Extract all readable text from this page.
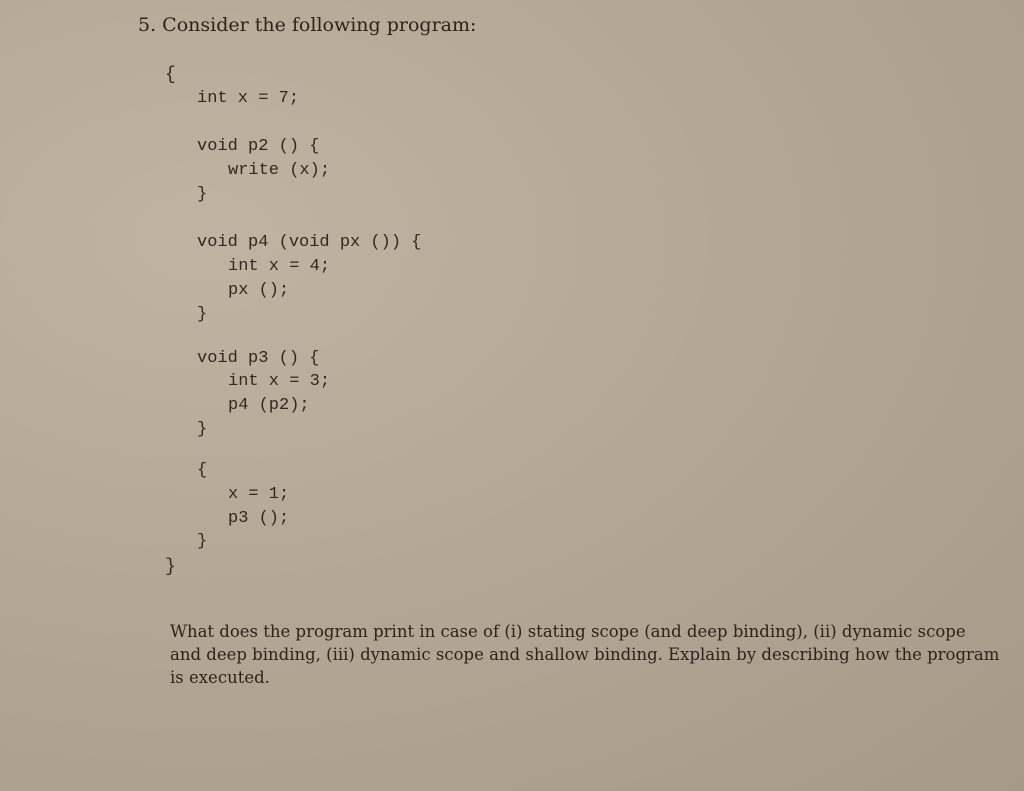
5. Consider the following program:
{
int x = 7;
void p2 () {
write (x);
}
void p4 (void px ()) {
int x = 4;
px ();
}
void p3 () {
int x = 3;
p4 (p2);
}
{
x = 1;
p3 ();
}
}

What does the program print in case of (i) stating scope (and deep binding), (ii) dynamic scope and deep binding, (iii) dynamic scope and shallow binding. Explain by describing how the program is executed.
